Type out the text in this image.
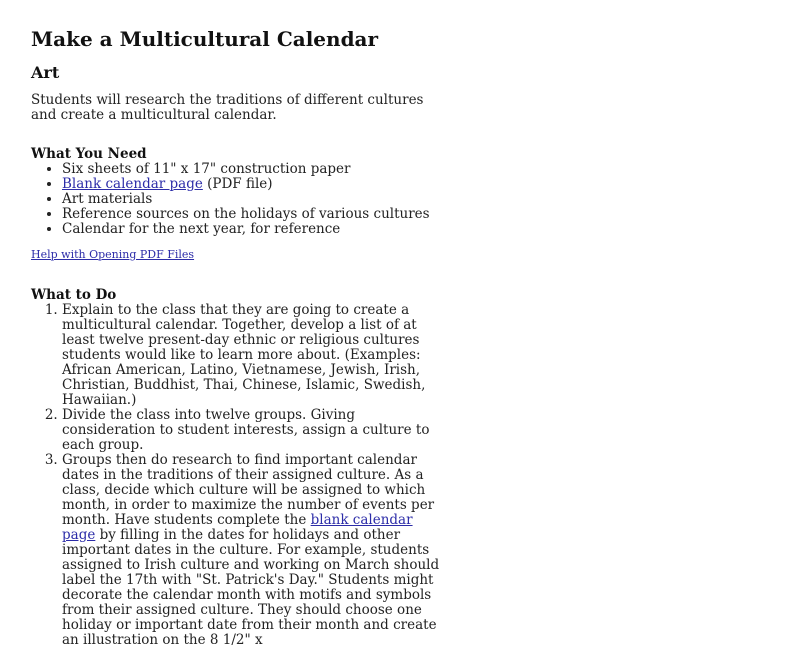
Make a Multicultural Calendar
Art

Students will research the traditions of different cultures and create a multicultural calendar.

What You Need
• Six sheets of 11" x 17" construction paper
• Blank calendar page (PDF file)
• Art materials
• Reference sources on the holidays of various cultures
• Calendar for the next year, for reference
Help with Opening PDF Files
What to Do
1. Explain to the class that they are going to create a multicultural calendar. Together, develop a list of at least twelve present-day ethnic or religious cultures students would like to learn more about. (Examples: African American, Latino, Vietnamese, Jewish, Irish, Christian, Buddhist, Thai, Chinese, Islamic, Swedish, Hawaiian.)
2. Divide the class into twelve groups. Giving consideration to student interests, assign a culture to each group.
3. Groups then do research to find important calendar dates in the traditions of their assigned culture. As a class, decide which culture will be assigned to which month, in order to maximize the number of events per month. Have students complete the blank calendar page by filling in the dates for holidays and other important dates in the culture. For example, students assigned to Irish culture and working on March should label the 17th with "St. Patrick's Day." Students might decorate the calendar month with motifs and symbols from their assigned culture. They should choose one holiday or important date from their month and create an illustration on the 8 1/2" x
